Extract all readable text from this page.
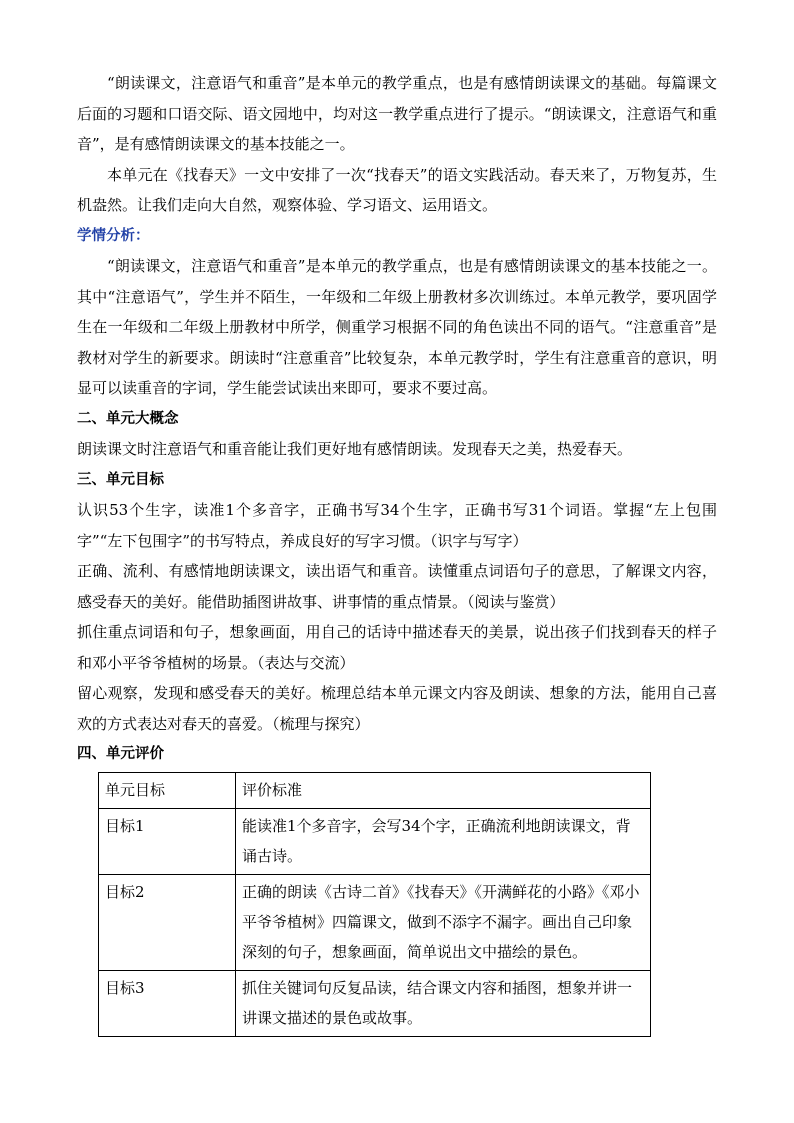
“朗读课文，注意语气和重音”是本单元的教学重点，也是有感情朗读课文的基础。每篇课文后面的习题和口语交际、语文园地中，均对这一教学重点进行了提示。“朗读课文，注意语气和重音”，是有感情朗读课文的基本技能之一。

本单元在《找春天》一文中安排了一次“找春天”的语文实践活动。春天来了，万物复苏，生机盎然。让我们走向大自然，观察体验、学习语文、运用语文。

学情分析：

“朗读课文，注意语气和重音”是本单元的教学重点，也是有感情朗读课文的基本技能之一。其中“注意语气”，学生并不陌生，一年级和二年级上册教材多次训练过。本单元教学，要巩固学生在一年级和二年级上册教材中所学，侧重学习根据不同的角色读出不同的语气。“注意重音”是教材对学生的新要求。朗读时“注意重音”比较复杂，本单元教学时，学生有注意重音的意识，明显可以读重音的字词，学生能尝试读出来即可，要求不要过高。

二、单元大概念

朗读课文时注意语气和重音能让我们更好地有感情朗读。发现春天之美，热爱春天。

三、单元目标

认识53个生字，读准1个多音字，正确书写34个生字，正确书写31个词语。掌握“左上包围字”“左下包围字”的书写特点，养成良好的写字习惯。（识字与写字）

正确、流利、有感情地朗读课文，读出语气和重音。读懂重点词语句子的意思，了解课文内容，感受春天的美好。能借助插图讲故事、讲事情的重点情景。（阅读与鉴赏）

抓住重点词语和句子，想象画面，用自己的话诗中描述春天的美景，说出孩子们找到春天的样子和邓小平爷爷植树的场景。（表达与交流）

留心观察，发现和感受春天的美好。梳理总结本单元课文内容及朗读、想象的方法，能用自己喜欢的方式表达对春天的喜爱。（梳理与探究）

四、单元评价

单元目标	评价标准
目标1	能读准1个多音字，会写34个字，正确流利地朗读课文，背诵古诗。
目标2	正确的朗读《古诗二首》《找春天》《开满鲜花的小路》《邓小平爷爷植树》四篇课文，做到不添字不漏字。画出自己印象深刻的句子，想象画面，简单说出文中描绘的景色。
目标3	抓住关键词句反复品读，结合课文内容和插图，想象并讲一讲课文描述的景色或故事。
